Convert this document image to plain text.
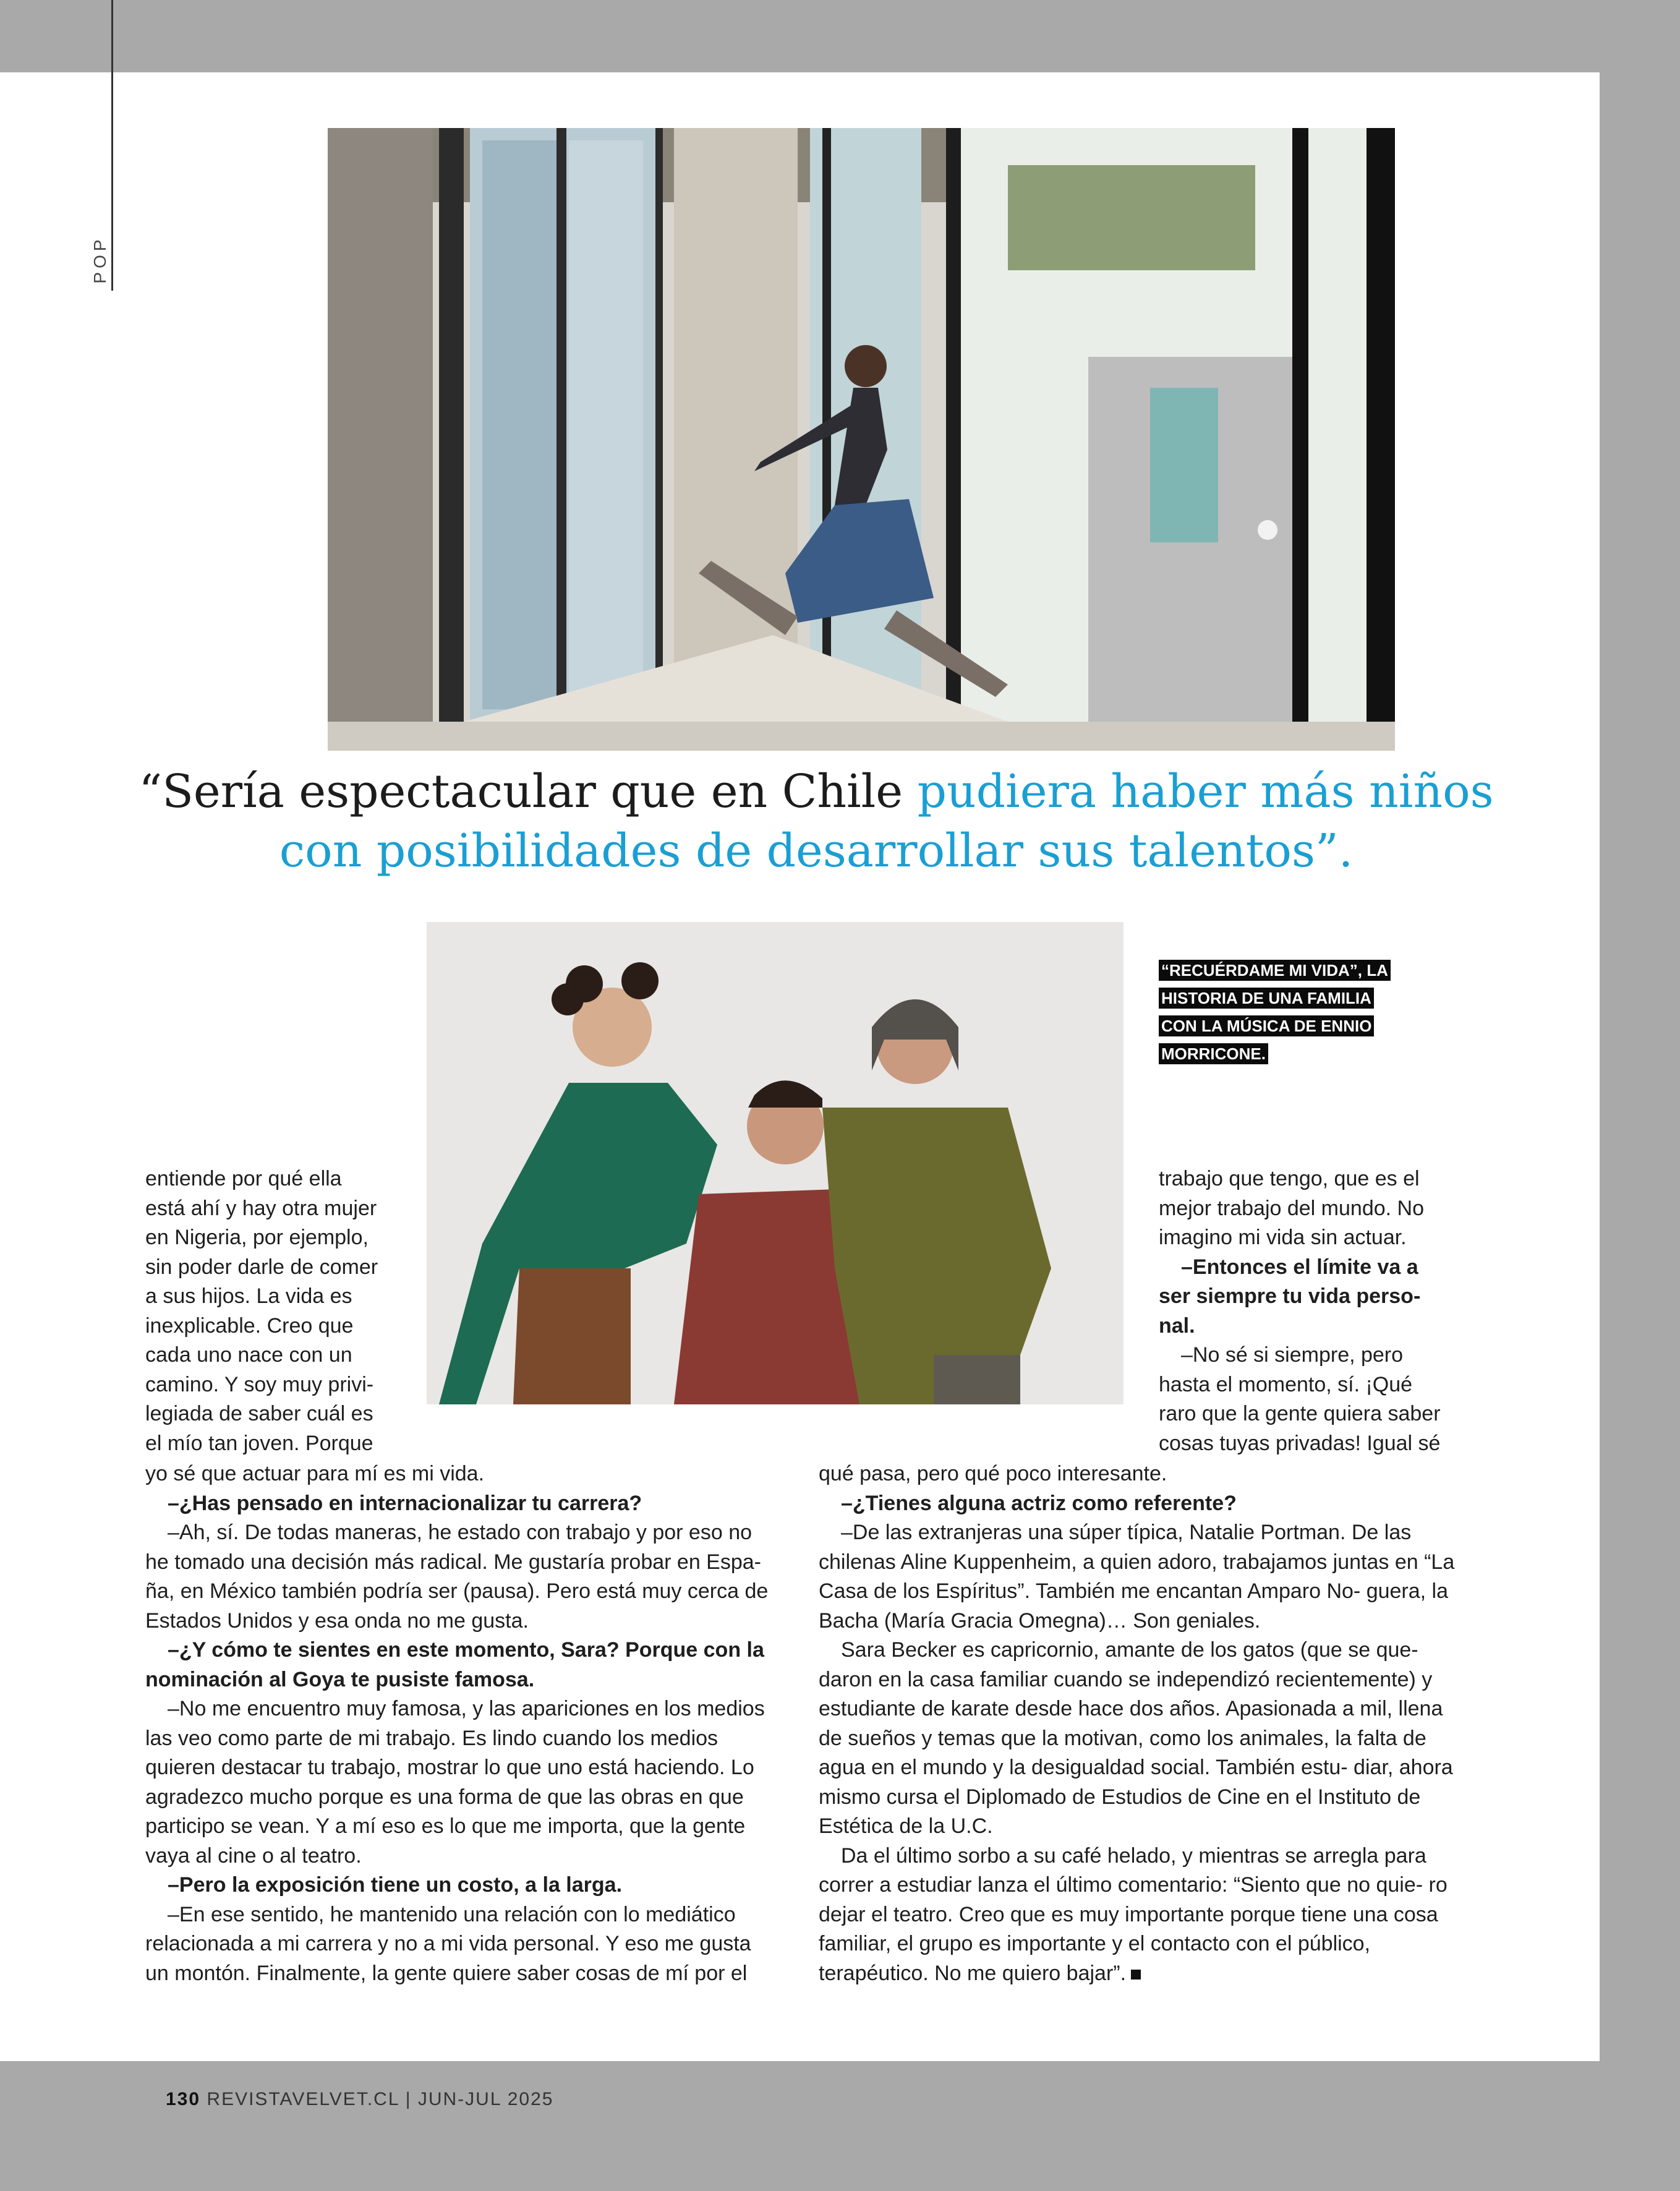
POP
“Sería espectacular que en Chile pudiera haber más niños con posibilidades de desarrollar sus talentos”.
“RECUÉRDAME MI VIDA”, LA
HISTORIA DE UNA FAMILIA
CON LA MÚSICA DE ENNIO
MORRICONE.

entiende por qué ella

está ahí y hay otra mujer

en Nigeria, por ejemplo,

sin poder darle de comer

a sus hijos. La vida es

inexplicable. Creo que

cada uno nace con un

camino. Y soy muy privi-

legiada de saber cuál es

el mío tan joven. Porque

trabajo que tengo, que es el

mejor trabajo del mundo. No

imagino mi vida sin actuar.

–Entonces el límite va a ser siempre tu vida perso- nal.

–No sé si siempre, pero

hasta el momento, sí. ¡Qué

raro que la gente quiera saber

cosas tuyas privadas! Igual sé

yo sé que actuar para mí es mi vida.

–¿Has pensado en internacionalizar tu carrera?

–Ah, sí. De todas maneras, he estado con trabajo y por eso no he tomado una decisión más radical. Me gustaría probar en Espa- ña, en México también podría ser (pausa). Pero está muy cerca de Estados Unidos y esa onda no me gusta.

–¿Y cómo te sientes en este momento, Sara? Porque con la nominación al Goya te pusiste famosa.

–No me encuentro muy famosa, y las apariciones en los medios las veo como parte de mi trabajo. Es lindo cuando los medios quieren destacar tu trabajo, mostrar lo que uno está haciendo. Lo agradezco mucho porque es una forma de que las obras en que participo se vean. Y a mí eso es lo que me importa, que la gente vaya al cine o al teatro.

–Pero la exposición tiene un costo, a la larga.

–En ese sentido, he mantenido una relación con lo mediático relacionada a mi carrera y no a mi vida personal. Y eso me gusta un montón. Finalmente, la gente quiere saber cosas de mí por el

qué pasa, pero qué poco interesante.

–¿Tienes alguna actriz como referente?

–De las extranjeras una súper típica, Natalie Portman. De las chilenas Aline Kuppenheim, a quien adoro, trabajamos juntas en “La Casa de los Espíritus”. También me encantan Amparo No- guera, la Bacha (María Gracia Omegna)… Son geniales.

Sara Becker es capricornio, amante de los gatos (que se que- daron en la casa familiar cuando se independizó recientemente) y estudiante de karate desde hace dos años. Apasionada a mil, llena de sueños y temas que la motivan, como los animales, la falta de agua en el mundo y la desigualdad social. También estu- diar, ahora mismo cursa el Diplomado de Estudios de Cine en el Instituto de Estética de la U.C.

Da el último sorbo a su café helado, y mientras se arregla para correr a estudiar lanza el último comentario: “Siento que no quie- ro dejar el teatro. Creo que es muy importante porque tiene una cosa familiar, el grupo es importante y el contacto con el público, terapéutico. No me quiero bajar”.

130 REVISTAVELVET.CL | JUN-JUL 2025
